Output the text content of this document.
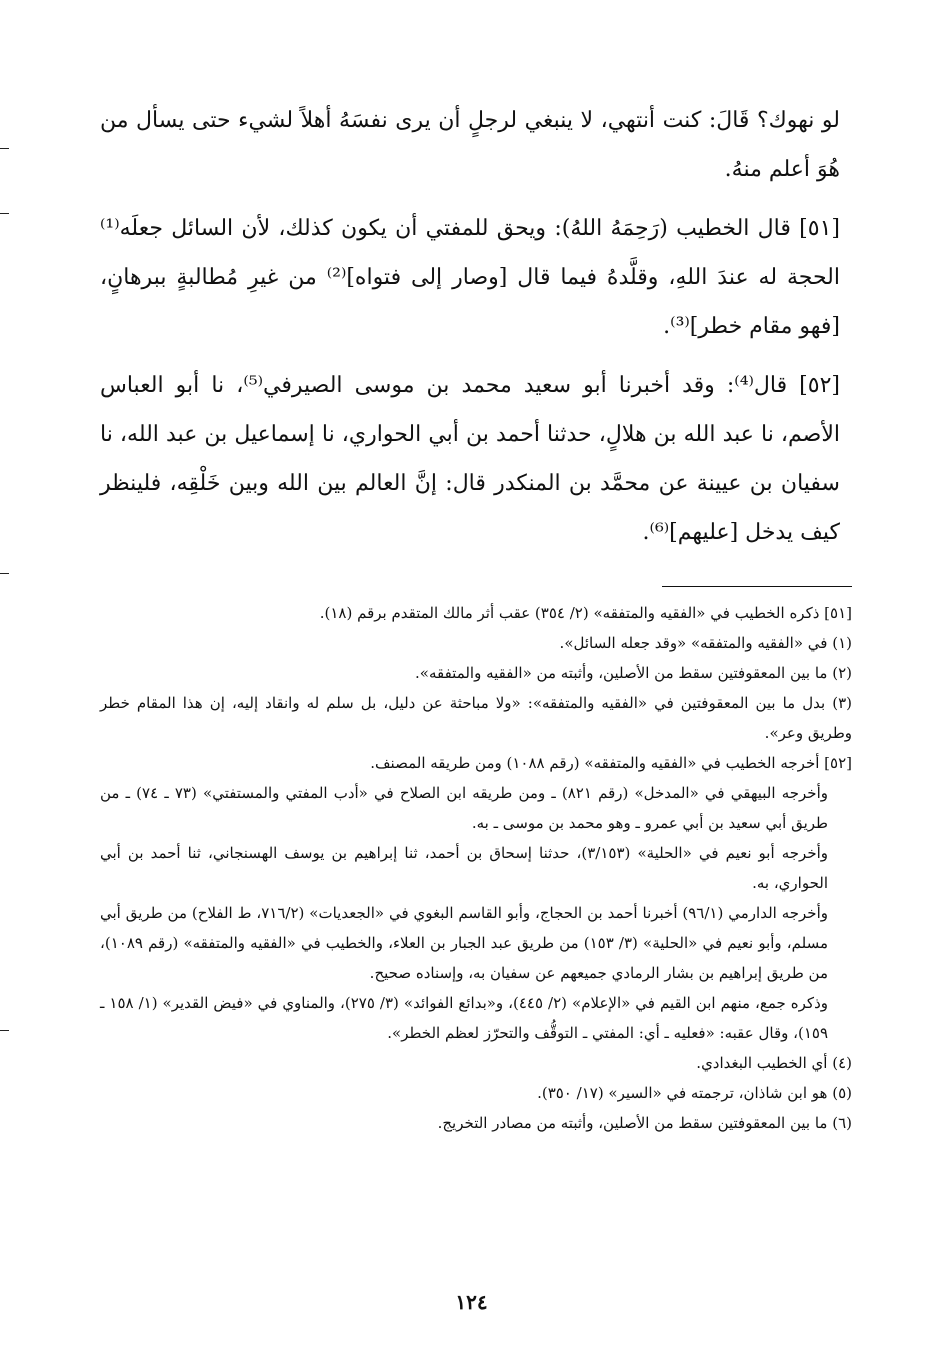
لو نهوك؟ قَالَ: كنت أنتهي، لا ينبغي لرجلٍ أن يرى نفسَهُ أهلاً لشيء حتى يسأل من هُوَ أعلم منهُ.

[٥١] قال الخطيب (رَحِمَهُ اللهُ): ويحق للمفتي أن يكون كذلك، لأن السائل جعلَه⁽¹⁾ الحجة له عندَ اللهِ، وقلَّدهُ فيما قال [وصار إلى فتواه]⁽²⁾ من غيرِ مُطالبةٍ ببرهانٍ، [فهو مقام خطر]⁽³⁾.

[٥٢] قال⁽⁴⁾: وقد أخبرنا أبو سعيد محمد بن موسى الصيرفي⁽⁵⁾، نا أبو العباس الأصم، نا عبد الله بن هلالٍ، حدثنا أحمد بن أبي الحواري، نا إسماعيل بن عبد الله، نا سفيان بن عيينة عن محمَّد بن المنكدر قال: إنَّ العالم بين الله وبين خَلْقِه، فلينظر كيف يدخل [عليهم]⁽⁶⁾.

[٥١] ذكره الخطيب في «الفقيه والمتفقه» (٢/ ٣٥٤) عقب أثر مالك المتقدم برقم (١٨).

(١) في «الفقيه والمتفقه» «وقد جعله السائل».

(٢) ما بين المعقوفتين سقط من الأصلين، وأثبته من «الفقيه والمتفقه».

(٣) بدل ما بين المعقوفتين في «الفقيه والمتفقه»: «ولا مباحثة عن دليل، بل سلم له وانقاد إليه، إن هذا المقام خطر وطريق وعر».

[٥٢] أخرجه الخطيب في «الفقيه والمتفقه» (رقم ١٠٨٨) ومن طريقه المصنف.

وأخرجه البيهقي في «المدخل» (رقم ٨٢١) ـ ومن طريقه ابن الصلاح في «أدب المفتي والمستفتي» (٧٣ ـ ٧٤) ـ من طريق أبي سعيد بن أبي عمرو ـ وهو محمد بن موسى ـ به.

وأخرجه أبو نعيم في «الحلية» (٣/١٥٣)، حدثنا إسحاق بن أحمد، ثنا إبراهيم بن يوسف الهسنجاني، ثنا أحمد بن أبي الحواري، به.

وأخرجه الدارمي (٩٦/١) أخبرنا أحمد بن الحجاج، وأبو القاسم البغوي في «الجعديات» (٧١٦/٢، ط الفلاح) من طريق أبي مسلم، وأبو نعيم في «الحلية» (٣/ ١٥٣) من طريق عبد الجبار بن العلاء، والخطيب في «الفقيه والمتفقه» (رقم ١٠٨٩)، من طريق إبراهيم بن بشار الرمادي جميعهم عن سفيان به، وإسناده صحيح.

وذكره جمع، منهم ابن القيم في «الإعلام» (٢/ ٤٤٥)، و«بدائع الفوائد» (٣/ ٢٧٥)، والمناوي في «فيض القدير» (١/ ١٥٨ ـ ١٥٩)، وقال عقبه: «فعليه ـ أي: المفتي ـ التوقُّف والتحرّز لعظم الخطر».

(٤) أي الخطيب البغدادي.

(٥) هو ابن شاذان، ترجمته في «السير» (١٧/ ٣٥٠).

(٦) ما بين المعقوفتين سقط من الأصلين، وأثبته من مصادر التخريج.

١٢٤
